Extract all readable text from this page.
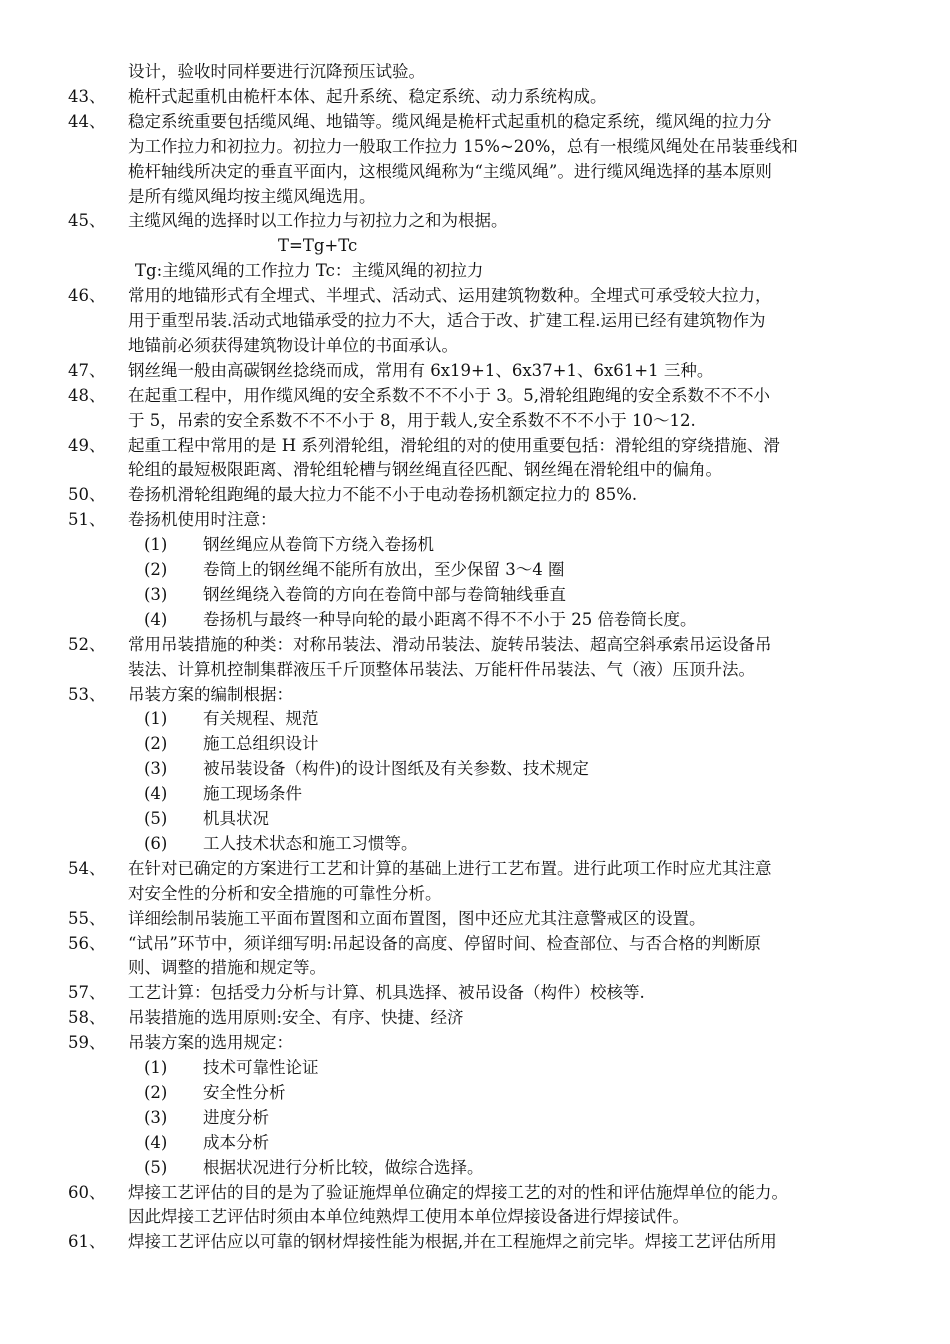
设计，验收时同样要进行沉降预压试验。
43、 桅杆式起重机由桅杆本体、起升系统、稳定系统、动力系统构成。
44、 稳定系统重要包括缆风绳、地锚等。缆风绳是桅杆式起重机的稳定系统，缆风绳的拉力分
为工作拉力和初拉力。初拉力一般取工作拉力 15%~20%，总有一根缆风绳处在吊装垂线和
桅杆轴线所决定的垂直平面内，这根缆风绳称为“主缆风绳”。进行缆风绳选择的基本原则
是所有缆风绳均按主缆风绳选用。
45、 主缆风绳的选择时以工作拉力与初拉力之和为根据。
T=Tg+Tc
Tg:主缆风绳的工作拉力 Tc：主缆风绳的初拉力
46、 常用的地锚形式有全埋式、半埋式、活动式、运用建筑物数种。全埋式可承受较大拉力，
用于重型吊装.活动式地锚承受的拉力不大，适合于改、扩建工程.运用已经有建筑物作为
地锚前必须获得建筑物设计单位的书面承认。
47、 钢丝绳一般由高碳钢丝捻绕而成，常用有 6x19+1、6x37+1、6x61+1 三种。
48、 在起重工程中，用作缆风绳的安全系数不不不小于 3。5,滑轮组跑绳的安全系数不不不小
于 5，吊索的安全系数不不不小于 8，用于载人,安全系数不不不小于 10～12.
49、 起重工程中常用的是 H 系列滑轮组，滑轮组的对的使用重要包括：滑轮组的穿绕措施、滑
轮组的最短极限距离、滑轮组轮槽与钢丝绳直径匹配、钢丝绳在滑轮组中的偏角。
50、 卷扬机滑轮组跑绳的最大拉力不能不小于电动卷扬机额定拉力的 85%.
51、 卷扬机使用时注意：
(1) 钢丝绳应从卷筒下方绕入卷扬机
(2) 卷筒上的钢丝绳不能所有放出，至少保留 3～4 圈
(3) 钢丝绳绕入卷筒的方向在卷筒中部与卷筒轴线垂直
(4) 卷扬机与最终一种导向轮的最小距离不得不不小于 25 倍卷筒长度。
52、 常用吊装措施的种类：对称吊装法、滑动吊装法、旋转吊装法、超高空斜承索吊运设备吊
装法、计算机控制集群液压千斤顶整体吊装法、万能杆件吊装法、气（液）压顶升法。
53、 吊装方案的编制根据：
(1) 有关规程、规范
(2) 施工总组织设计
(3) 被吊装设备（构件)的设计图纸及有关参数、技术规定
(4) 施工现场条件
(5) 机具状况
(6) 工人技术状态和施工习惯等。
54、 在针对已确定的方案进行工艺和计算的基础上进行工艺布置。进行此项工作时应尤其注意
对安全性的分析和安全措施的可靠性分析。
55、 详细绘制吊装施工平面布置图和立面布置图，图中还应尤其注意警戒区的设置。
56、 “试吊”环节中，须详细写明:吊起设备的高度、停留时间、检查部位、与否合格的判断原
则、调整的措施和规定等。
57、 工艺计算：包括受力分析与计算、机具选择、被吊设备（构件）校核等.
58、 吊装措施的选用原则:安全、有序、快捷、经济
59、 吊装方案的选用规定：
(1) 技术可靠性论证
(2) 安全性分析
(3) 进度分析
(4) 成本分析
(5) 根据状况进行分析比较，做综合选择。
60、 焊接工艺评估的目的是为了验证施焊单位确定的焊接工艺的对的性和评估施焊单位的能力。
因此焊接工艺评估时须由本单位纯熟焊工使用本单位焊接设备进行焊接试件。
61、 焊接工艺评估应以可靠的钢材焊接性能为根据,并在工程施焊之前完毕。焊接工艺评估所用
